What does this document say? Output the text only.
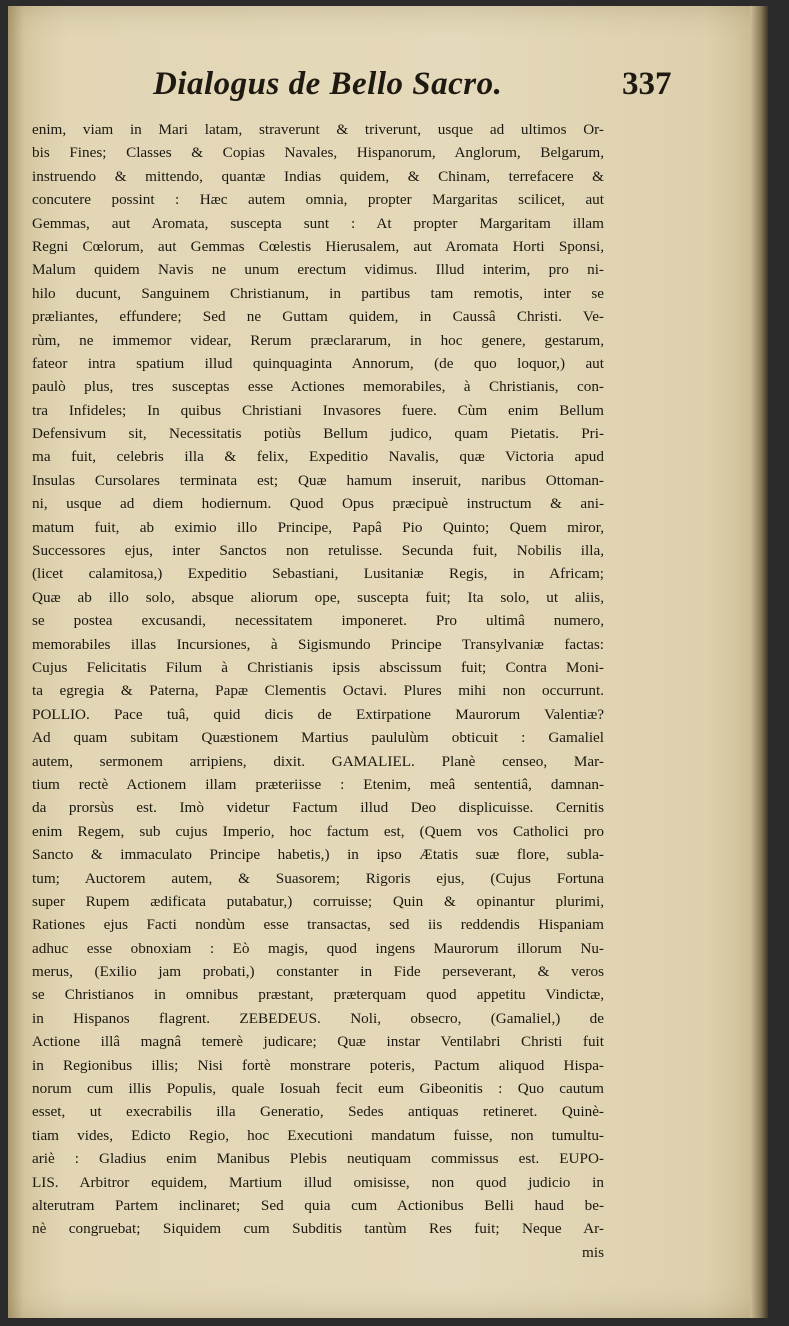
Dialogus de Bello Sacro.	337
enim, viam in Mari latam, straverunt & triverunt, usque ad ultimos Or-
bis Fines; Classes & Copias Navales, Hispanorum, Anglorum, Belgarum,
instruendo & mittendo, quantæ Indias quidem, & Chinam, terrefacere &
concutere possint : Hæc autem omnia, propter Margaritas scilicet, aut
Gemmas, aut Aromata, suscepta sunt : At propter Margaritam illam
Regni Cœlorum, aut Gemmas Cœlestis Hierusalem, aut Aromata Horti Sponsi,
Malum quidem Navis ne unum erectum vidimus. Illud interim, pro ni-
hilo ducunt, Sanguinem Christianum, in partibus tam remotis, inter se
præliantes, effundere; Sed ne Guttam quidem, in Caussâ Christi. Ve-
rùm, ne immemor videar, Rerum præclararum, in hoc genere, gestarum,
fateor intra spatium illud quinquaginta Annorum, (de quo loquor,) aut
paulò plus, tres susceptas esse Actiones memorabiles, à Christianis, con-
tra Infideles; In quibus Christiani Invasores fuere. Cùm enim Bellum
Defensivum sit, Necessitatis potiùs Bellum judico, quam Pietatis. Pri-
ma fuit, celebris illa & felix, Expeditio Navalis, quæ Victoria apud
Insulas Cursolares terminata est; Quæ hamum inseruit, naribus Ottoman-
ni, usque ad diem hodiernum. Quod Opus præcipuè instructum & ani-
matum fuit, ab eximio illo Principe, Papâ Pio Quinto; Quem miror,
Successores ejus, inter Sanctos non retulisse. Secunda fuit, Nobilis illa,
(licet calamitosa,) Expeditio Sebastiani, Lusitaniæ Regis, in Africam;
Quæ ab illo solo, absque aliorum ope, suscepta fuit; Ita solo, ut aliis,
se postea excusandi, necessitatem imponeret. Pro ultimâ numero,
memorabiles illas Incursiones, à Sigismundo Principe Transylvaniæ factas:
Cujus Felicitatis Filum à Christianis ipsis abscissum fuit; Contra Moni-
ta egregia & Paterna, Papæ Clementis Octavi. Plures mihi non occurrunt.
POLLIO. Pace tuâ, quid dicis de Extirpatione Maurorum Valentiæ?
Ad quam subitam Quæstionem Martius paululùm obticuit : Gamaliel
autem, sermonem arripiens, dixit. GAMALIEL. Planè censeo, Mar-
tium rectè Actionem illam præteriisse : Etenim, meâ sententiâ, damnan-
da prorsùs est. Imò videtur Factum illud Deo displicuisse. Cernitis
enim Regem, sub cujus Imperio, hoc factum est, (Quem vos Catholici pro
Sancto & immaculato Principe habetis,) in ipso Ætatis suæ flore, subla-
tum; Auctorem autem, & Suasorem; Rigoris ejus, (Cujus Fortuna
super Rupem ædificata putabatur,) corruisse; Quin & opinantur plurimi,
Rationes ejus Facti nondùm esse transactas, sed iis reddendis Hispaniam
adhuc esse obnoxiam : Eò magis, quod ingens Maurorum illorum Nu-
merus, (Exilio jam probati,) constanter in Fide perseverant, & veros
se Christianos in omnibus præstant, præterquam quod appetitu Vindictæ,
in Hispanos flagrent. ZEBEDEUS. Noli, obsecro, (Gamaliel,) de
Actione illâ magnâ temerè judicare; Quæ instar Ventilabri Christi fuit
in Regionibus illis; Nisi fortè monstrare poteris, Pactum aliquod Hispa-
norum cum illis Populis, quale Iosuah fecit eum Gibeonitis : Quo cautum
esset, ut execrabilis illa Generatio, Sedes antiquas retineret. Quinè-
tiam vides, Edicto Regio, hoc Executioni mandatum fuisse, non tumultu-
ariè : Gladius enim Manibus Plebis neutiquam commissus est. EUPO-
LIS. Arbitror equidem, Martium illud omisisse, non quod judicio in
alterutram Partem inclinaret; Sed quia cum Actionibus Belli haud be-
nè congruebat; Siquidem cum Subditis tantùm Res fuit; Neque Ar-
mis
